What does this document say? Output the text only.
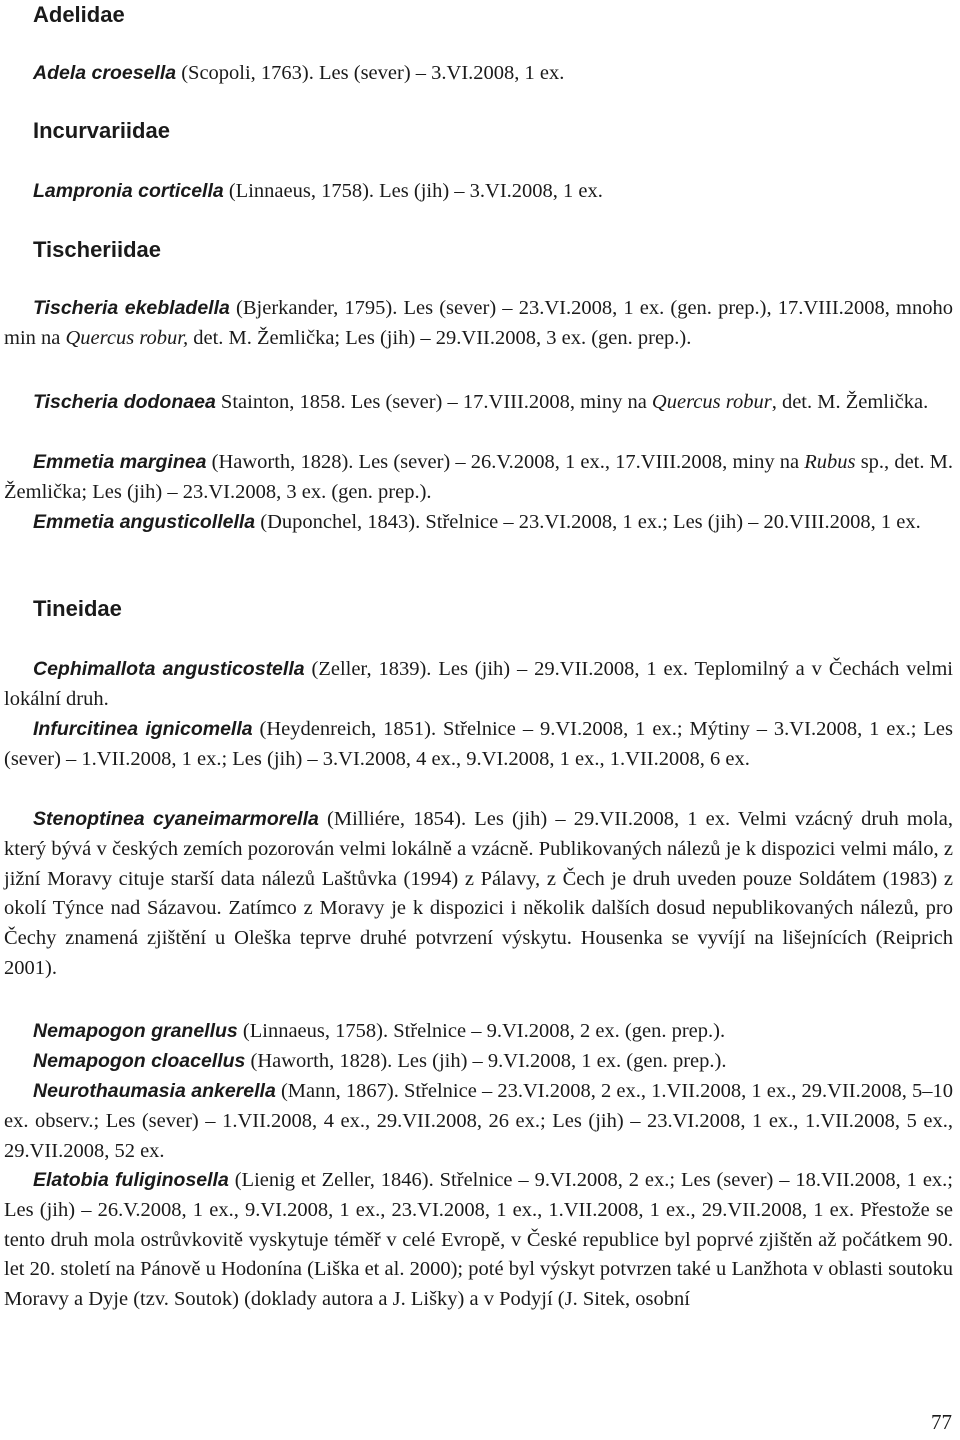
Adelidae

Adela croesella (Scopoli, 1763). Les (sever) – 3.VI.2008, 1 ex.

Incurvariidae

Lampronia corticella (Linnaeus, 1758). Les (jih) – 3.VI.2008, 1 ex.

Tischeriidae

Tischeria ekebladella (Bjerkander, 1795). Les (sever) – 23.VI.2008, 1 ex. (gen. prep.), 17.VIII.2008, mnoho min na Quercus robur, det. M. Žemlička; Les (jih) – 29.VII.2008, 3 ex. (gen. prep.).

Tischeria dodonaea Stainton, 1858. Les (sever) – 17.VIII.2008, miny na Quercus robur, det. M. Žemlička.

Emmetia marginea (Haworth, 1828). Les (sever) – 26.V.2008, 1 ex., 17.VIII.2008, miny na Rubus sp., det. M. Žemlička; Les (jih) – 23.VI.2008, 3 ex. (gen. prep.).

Emmetia angusticollella (Duponchel, 1843). Střelnice – 23.VI.2008, 1 ex.; Les (jih) – 20.VIII.2008, 1 ex.

Tineidae

Cephimallota angusticostella (Zeller, 1839). Les (jih) – 29.VII.2008, 1 ex. Teplomilný a v Čechách velmi lokální druh.

Infurcitinea ignicomella (Heydenreich, 1851). Střelnice – 9.VI.2008, 1 ex.; Mýtiny – 3.VI.2008, 1 ex.; Les (sever) – 1.VII.2008, 1 ex.; Les (jih) – 3.VI.2008, 4 ex., 9.VI.2008, 1 ex., 1.VII.2008, 6 ex.

Stenoptinea cyaneimarmorella (Milliére, 1854). Les (jih) – 29.VII.2008, 1 ex. Velmi vzácný druh mola, který bývá v českých zemích pozorován velmi lokálně a vzácně. Publikovaných nálezů je k dispozici velmi málo, z jižní Moravy cituje starší data nálezů Laštůvka (1994) z Pálavy, z Čech je druh uveden pouze Soldátem (1983) z okolí Týnce nad Sázavou. Zatímco z Moravy je k dispozici i několik dalších dosud nepublikovaných nálezů, pro Čechy znamená zjištění u Oleška teprve druhé potvrzení výskytu. Housenka se vyvíjí na lišejnících (Reiprich 2001).

Nemapogon granellus (Linnaeus, 1758). Střelnice – 9.VI.2008, 2 ex. (gen. prep.).

Nemapogon cloacellus (Haworth, 1828). Les (jih) – 9.VI.2008, 1 ex. (gen. prep.).

Neurothaumasia ankerella (Mann, 1867). Střelnice – 23.VI.2008, 2 ex., 1.VII.2008, 1 ex., 29.VII.2008, 5–10 ex. observ.; Les (sever) – 1.VII.2008, 4 ex., 29.VII.2008, 26 ex.; Les (jih) – 23.VI.2008, 1 ex., 1.VII.2008, 5 ex., 29.VII.2008, 52 ex.

Elatobia fuliginosella (Lienig et Zeller, 1846). Střelnice – 9.VI.2008, 2 ex.; Les (sever) – 18.VII.2008, 1 ex.; Les (jih) – 26.V.2008, 1 ex., 9.VI.2008, 1 ex., 23.VI.2008, 1 ex., 1.VII.2008, 1 ex., 29.VII.2008, 1 ex. Přestože se tento druh mola ostrůvkovitě vyskytuje téměř v celé Evropě, v České republice byl poprvé zjištěn až počátkem 90. let 20. století na Pánově u Hodonína (Liška et al. 2000); poté byl výskyt potvrzen také u Lanžhota v oblasti soutoku Moravy a Dyje (tzv. Soutok) (doklady autora a J. Lišky) a v Podyjí (J. Sitek, osobní

77
